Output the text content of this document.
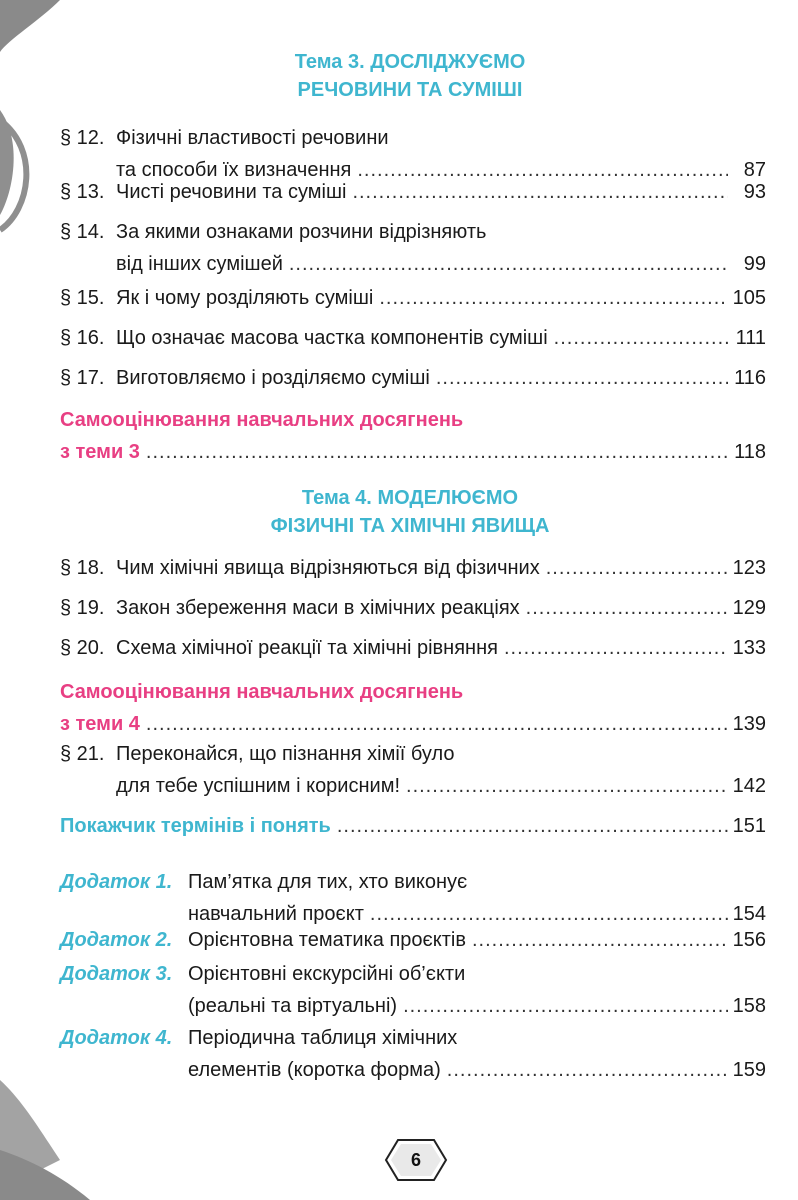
Тема 3. ДОСЛІДЖУЄМО
РЕЧОВИНИ ТА СУМІШІ
§ 12. Фізичні властивості речовини
та способи їх визначення .....	87
§ 13. Чисті речовини та суміші .....	93
§ 14. За якими ознаками розчини відрізняють
від інших сумішей .....	99
§ 15. Як і чому розділяють суміші .....	105
§ 16. Що означає масова частка компонентів суміші .....	111
§ 17. Виготовляємо і розділяємо суміші .....	116
Самооцінювання навчальних досягнень
з теми 3 .....	118
Тема 4. МОДЕЛЮЄМО
ФІЗИЧНІ ТА ХІМІЧНІ ЯВИЩА
§ 18. Чим хімічні явища відрізняються від фізичних .....	123
§ 19. Закон збереження маси в хімічних реакціях .....	129
§ 20. Схема хімічної реакції та хімічні рівняння .....	133
Самооцінювання навчальних досягнень
з теми 4 .....	139
§ 21. Переконайся, що пізнання хімії було
для тебе успішним і корисним! .....	142
Покажчик термінів і понять .....	151
Додаток 1. Пам’ятка для тих, хто виконує
навчальний проєкт .....	154
Додаток 2. Орієнтовна тематика проєктів .....	156
Додаток 3. Орієнтовні екскурсійні об’єкти
(реальні та віртуальні) .....	158
Додаток 4. Періодична таблиця хімічних
елементів (коротка форма) .....	159
6
